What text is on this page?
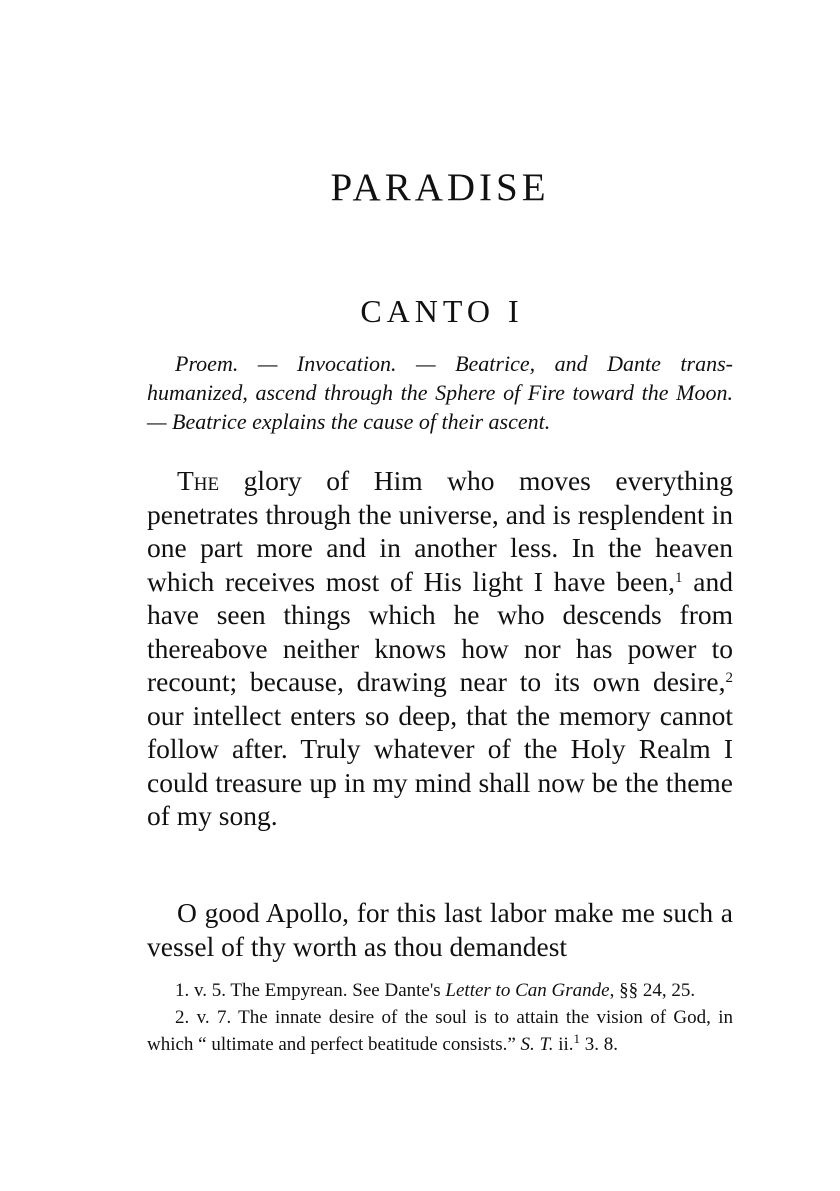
PARADISE
CANTO I

Proem. — Invocation. — Beatrice, and Dante trans-humanized, ascend through the Sphere of Fire toward the Moon. — Beatrice explains the cause of their ascent.

The glory of Him who moves everything penetrates through the universe, and is resplendent in one part more and in another less. In the heaven which receives most of His light I have been,$^1$ and have seen things which he who descends from thereabove neither knows how nor has power to recount; because, drawing near to its own desire,$^2$ our intellect enters so deep, that the memory cannot follow after. Truly whatever of the Holy Realm I could treasure up in my mind shall now be the theme of my song.

O good Apollo, for this last labor make me such a vessel of thy worth as thou demandest

1. v. 5. The Empyrean. See Dante's Letter to Can Grande, §§ 24, 25.

2. v. 7. The innate desire of the soul is to attain the vision of God, in which “ ultimate and perfect beatitude consists.” S. T. ii.$^1$ 3. 8.
